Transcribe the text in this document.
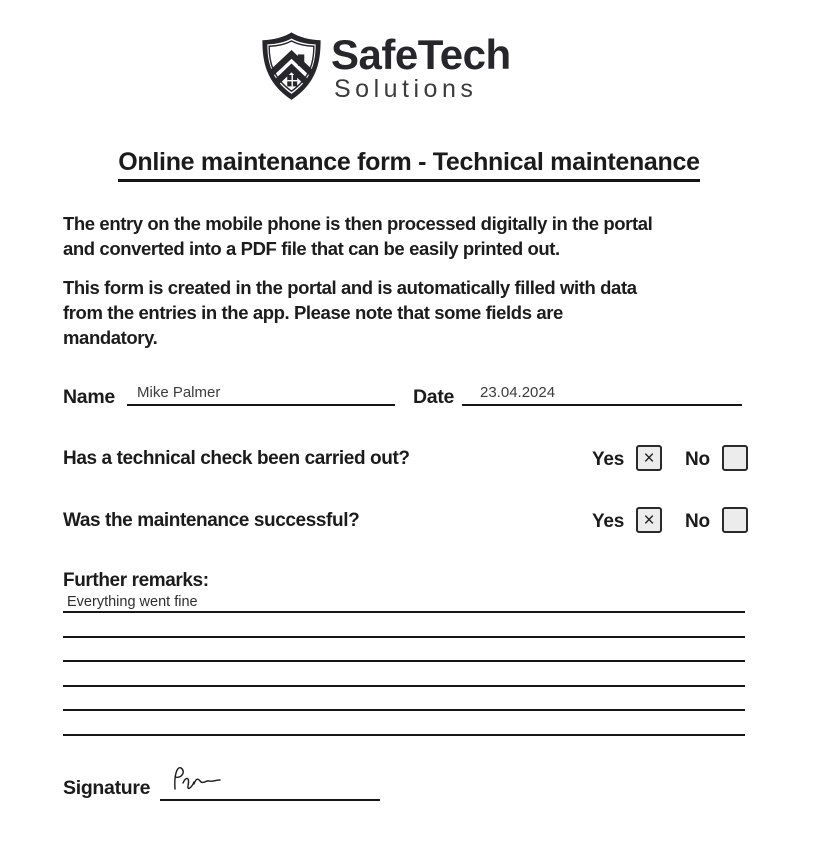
SafeTech
Solutions
Online maintenance form - Technical maintenance
The entry on the mobile phone is then processed digitally in the portal
and converted into a PDF file that can be easily printed out.
This form is created in the portal and is automatically filled with data
from the entries in the app. Please note that some fields are
mandatory.
Name Mike Palmer	Date 23.04.2024
Has a technical check been carried out?	Yes × No
Was the maintenance successful?	Yes × No
Further remarks:
Everything went fine
Signature
